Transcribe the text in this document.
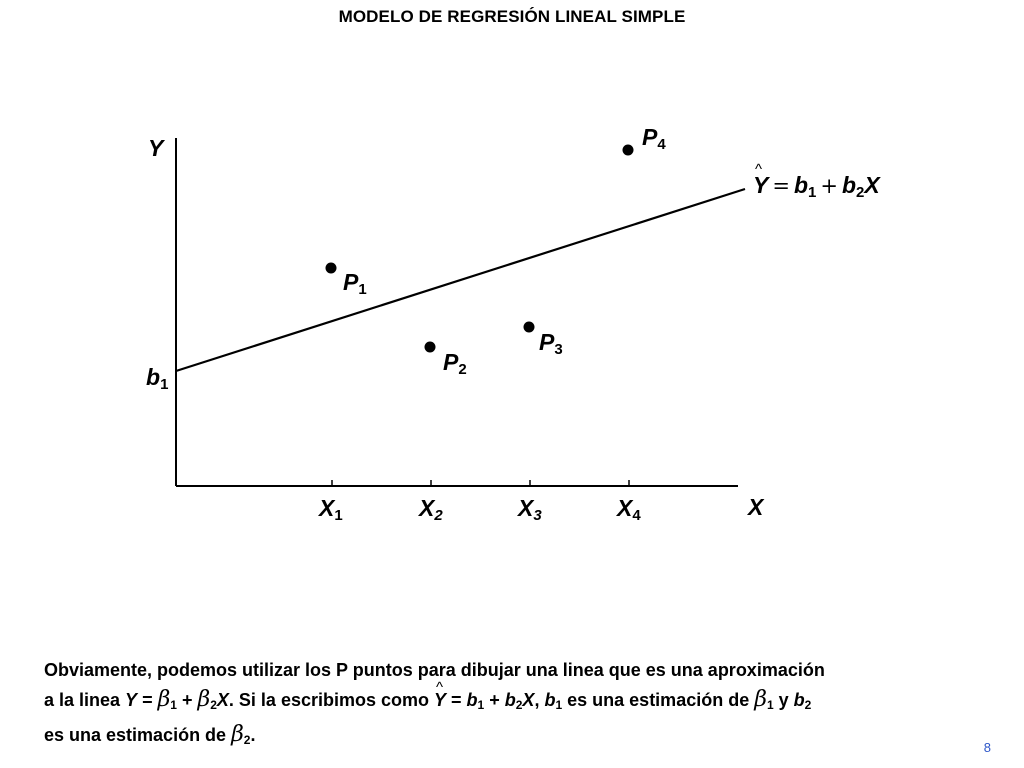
MODELO DE REGRESIÓN LINEAL SIMPLE
Y
X
$b_1$
$P_1$
$P_2$
$P_3$
$P_4$
$X_1$	$X_2$	$X_3$	$X_4$
^ $Y = b_1 + b_2X$
Obviamente, podemos utilizar los P puntos para dibujar una linea que es una aproximación
a la linea $Y = \beta_1 + \beta_2X$. Si la escribimos como ^ $Y = b_1 + b_2X$, $b_1$ es una estimación de $\beta_1$ y $b_2$
es una estimación de $\beta_2$.
8
